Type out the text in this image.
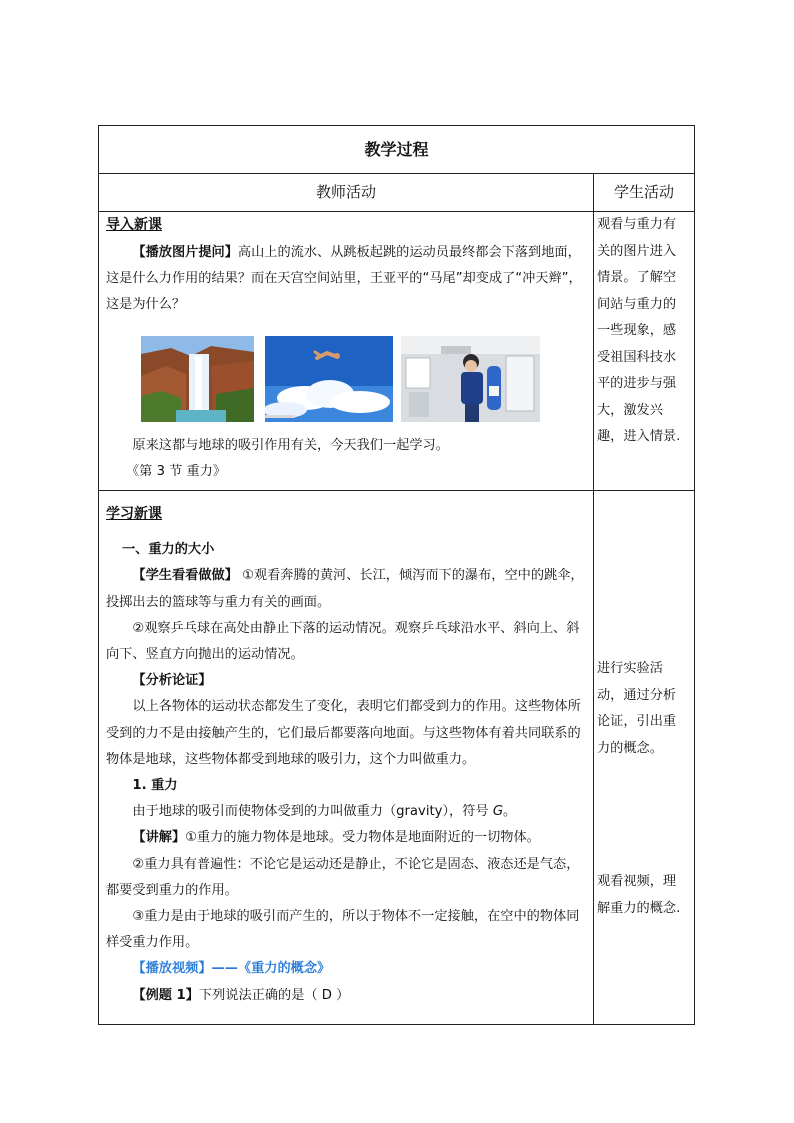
教学过程
教师活动	学生活动

导入新课

【播放图片提问】高山上的流水、从跳板起跳的运动员最终都会下落到地面，这是什么力作用的结果？而在天宫空间站里，王亚平的“马尾”却变成了“冲天辫”，这是为什么？

原来这都与地球的吸引作用有关，今天我们一起学习。

《第 3 节 重力》

观看与重力有关的图片进入情景。了解空间站与重力的一些现象，感受祖国科技水平的进步与强大，激发兴趣，进入情景.

学习新课

一、重力的大小

【学生看看做做】 ①观看奔腾的黄河、长江，倾泻而下的瀑布，空中的跳伞，投掷出去的篮球等与重力有关的画面。

②观察乒乓球在高处由静止下落的运动情况。观察乒乓球沿水平、斜向上、斜向下、竖直方向抛出的运动情况。

【分析论证】

以上各物体的运动状态都发生了变化，表明它们都受到力的作用。这些物体所受到的力不是由接触产生的，它们最后都要落向地面。与这些物体有着共同联系的物体是地球，这些物体都受到地球的吸引力，这个力叫做重力。

1. 重力

由于地球的吸引而使物体受到的力叫做重力（gravity），符号 G。

【讲解】①重力的施力物体是地球。受力物体是地面附近的一切物体。

②重力具有普遍性：不论它是运动还是静止，不论它是固态、液态还是气态，都要受到重力的作用。

③重力是由于地球的吸引而产生的，所以于物体不一定接触，在空中的物体同样受重力作用。

【播放视频】——《重力的概念》

【例题 1】下列说法正确的是（ D ）

进行实验活动，通过分析论证，引出重力的概念。
观看视频，理解重力的概念.
